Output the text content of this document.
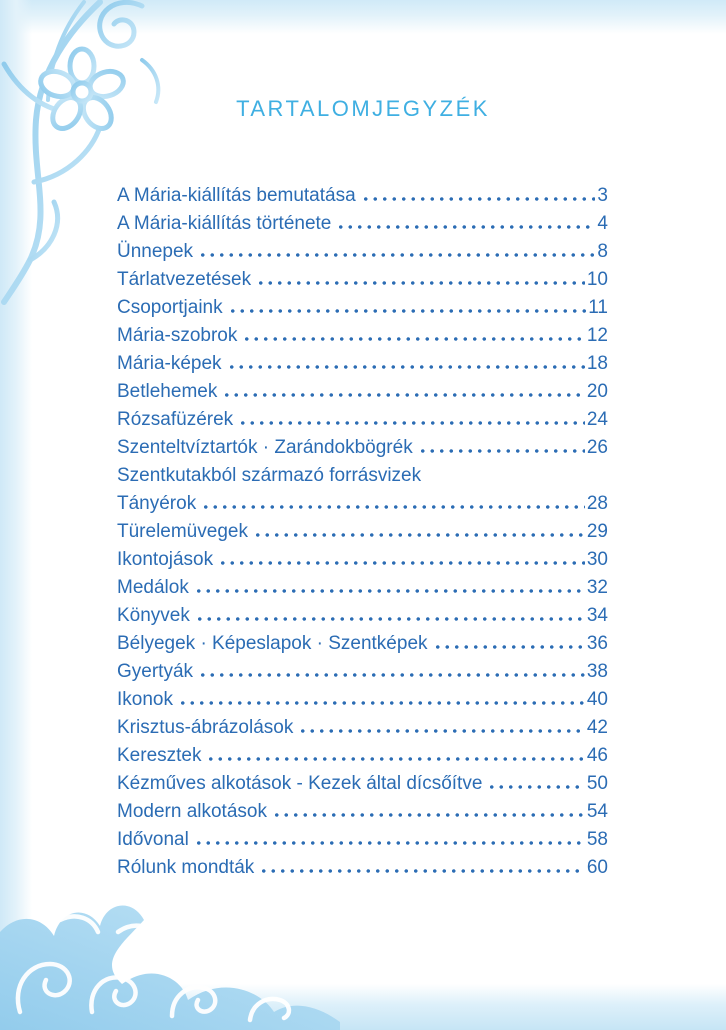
TARTALOMJEGYZÉK
A Mária-kiállítás bemutatása	3
A Mária-kiállítás története	4
Ünnepek	8
Tárlatvezetések	10
Csoportjaink	11
Mária-szobrok	12
Mária-képek	18
Betlehemek	20
Rózsafüzérek	24
Szenteltvíztartók · Zarándokbögrék	26
Szentkutakból származó forrásvizek
Tányérok	28
Türelemüvegek	29
Ikontojások	30
Medálok	32
Könyvek	34
Bélyegek · Képeslapok · Szentképek	36
Gyertyák	38
Ikonok	40
Krisztus-ábrázolások	42
Keresztek	46
Kézműves alkotások - Kezek által dícsőítve	50
Modern alkotások	54
Idővonal	58
Rólunk mondták	60
